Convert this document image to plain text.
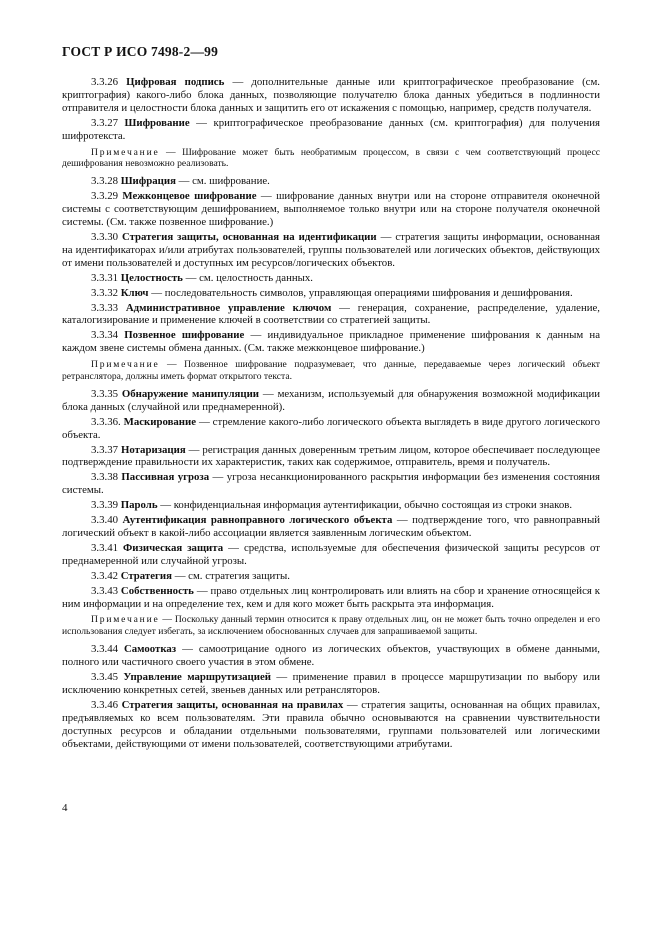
ГОСТ Р ИСО 7498-2—99

3.3.26 Цифровая подпись — дополнительные данные или криптографическое преобразование (см. криптография) какого-либо блока данных, позволяющие получателю блока данных убедиться в подлинности отправителя и целостности блока данных и защитить его от искажения с помощью, например, средств получателя.

3.3.27 Шифрование — криптографическое преобразование данных (см. криптография) для получения шифротекста.

Примечание — Шифрование может быть необратимым процессом, в связи с чем соответствующий процесс дешифрования невозможно реализовать.

3.3.28 Шифрация — см. шифрование.

3.3.29 Межконцевое шифрование — шифрование данных внутри или на стороне отправителя оконечной системы с соответствующим дешифрованием, выполняемое только внутри или на стороне получателя оконечной системы. (См. также позвенное шифрование.)

3.3.30 Стратегия защиты, основанная на идентификации — стратегия защиты информации, основанная на идентификаторах и/или атрибутах пользователей, группы пользователей или логических объектов, действующих от имени пользователей и доступных им ресурсов/логических объектов.

3.3.31 Целостность — см. целостность данных.

3.3.32 Ключ — последовательность символов, управляющая операциями шифрования и дешифрования.

3.3.33 Административное управление ключом — генерация, сохранение, распределение, удаление, каталогизирование и применение ключей в соответствии со стратегией защиты.

3.3.34 Позвенное шифрование — индивидуальное прикладное применение шифрования к данным на каждом звене системы обмена данных. (См. также межконцевое шифрование.)

Примечание — Позвенное шифрование подразумевает, что данные, передаваемые через логический объект ретранслятора, должны иметь формат открытого текста.

3.3.35 Обнаружение манипуляции — механизм, используемый для обнаружения возможной модификации блока данных (случайной или преднамеренной).

3.3.36. Маскирование — стремление какого-либо логического объекта выглядеть в виде другого логического объекта.

3.3.37 Нотаризация — регистрация данных доверенным третьим лицом, которое обеспечивает последующее подтверждение правильности их характеристик, таких как содержимое, отправитель, время и получатель.

3.3.38 Пассивная угроза — угроза несанкционированного раскрытия информации без изменения состояния системы.

3.3.39 Пароль — конфиденциальная информация аутентификации, обычно состоящая из строки знаков.

3.3.40 Аутентификация равноправного логического объекта — подтверждение того, что равноправный логический объект в какой-либо ассоциации является заявленным логическим объектом.

3.3.41 Физическая защита — средства, используемые для обеспечения физической защиты ресурсов от преднамеренной или случайной угрозы.

3.3.42 Стратегия — см. стратегия защиты.

3.3.43 Собственность — право отдельных лиц контролировать или влиять на сбор и хранение относящейся к ним информации и на определение тех, кем и для кого может быть раскрыта эта информация.

Примечание — Поскольку данный термин относится к праву отдельных лиц, он не может быть точно определен и его использования следует избегать, за исключением обоснованных случаев для запрашиваемой защиты.

3.3.44 Самоотказ — самоотрицание одного из логических объектов, участвующих в обмене данными, полного или частичного своего участия в этом обмене.

3.3.45 Управление маршрутизацией — применение правил в процессе маршрутизации по выбору или исключению конкретных сетей, звеньев данных или ретрансляторов.

3.3.46 Стратегия защиты, основанная на правилах — стратегия защиты, основанная на общих правилах, предъявляемых ко всем пользователям. Эти правила обычно основываются на сравнении чувствительности доступных ресурсов и обладании отдельными пользователями, группами пользователей или логическими объектами, действующими от имени пользователей, соответствующими атрибутами.

4
